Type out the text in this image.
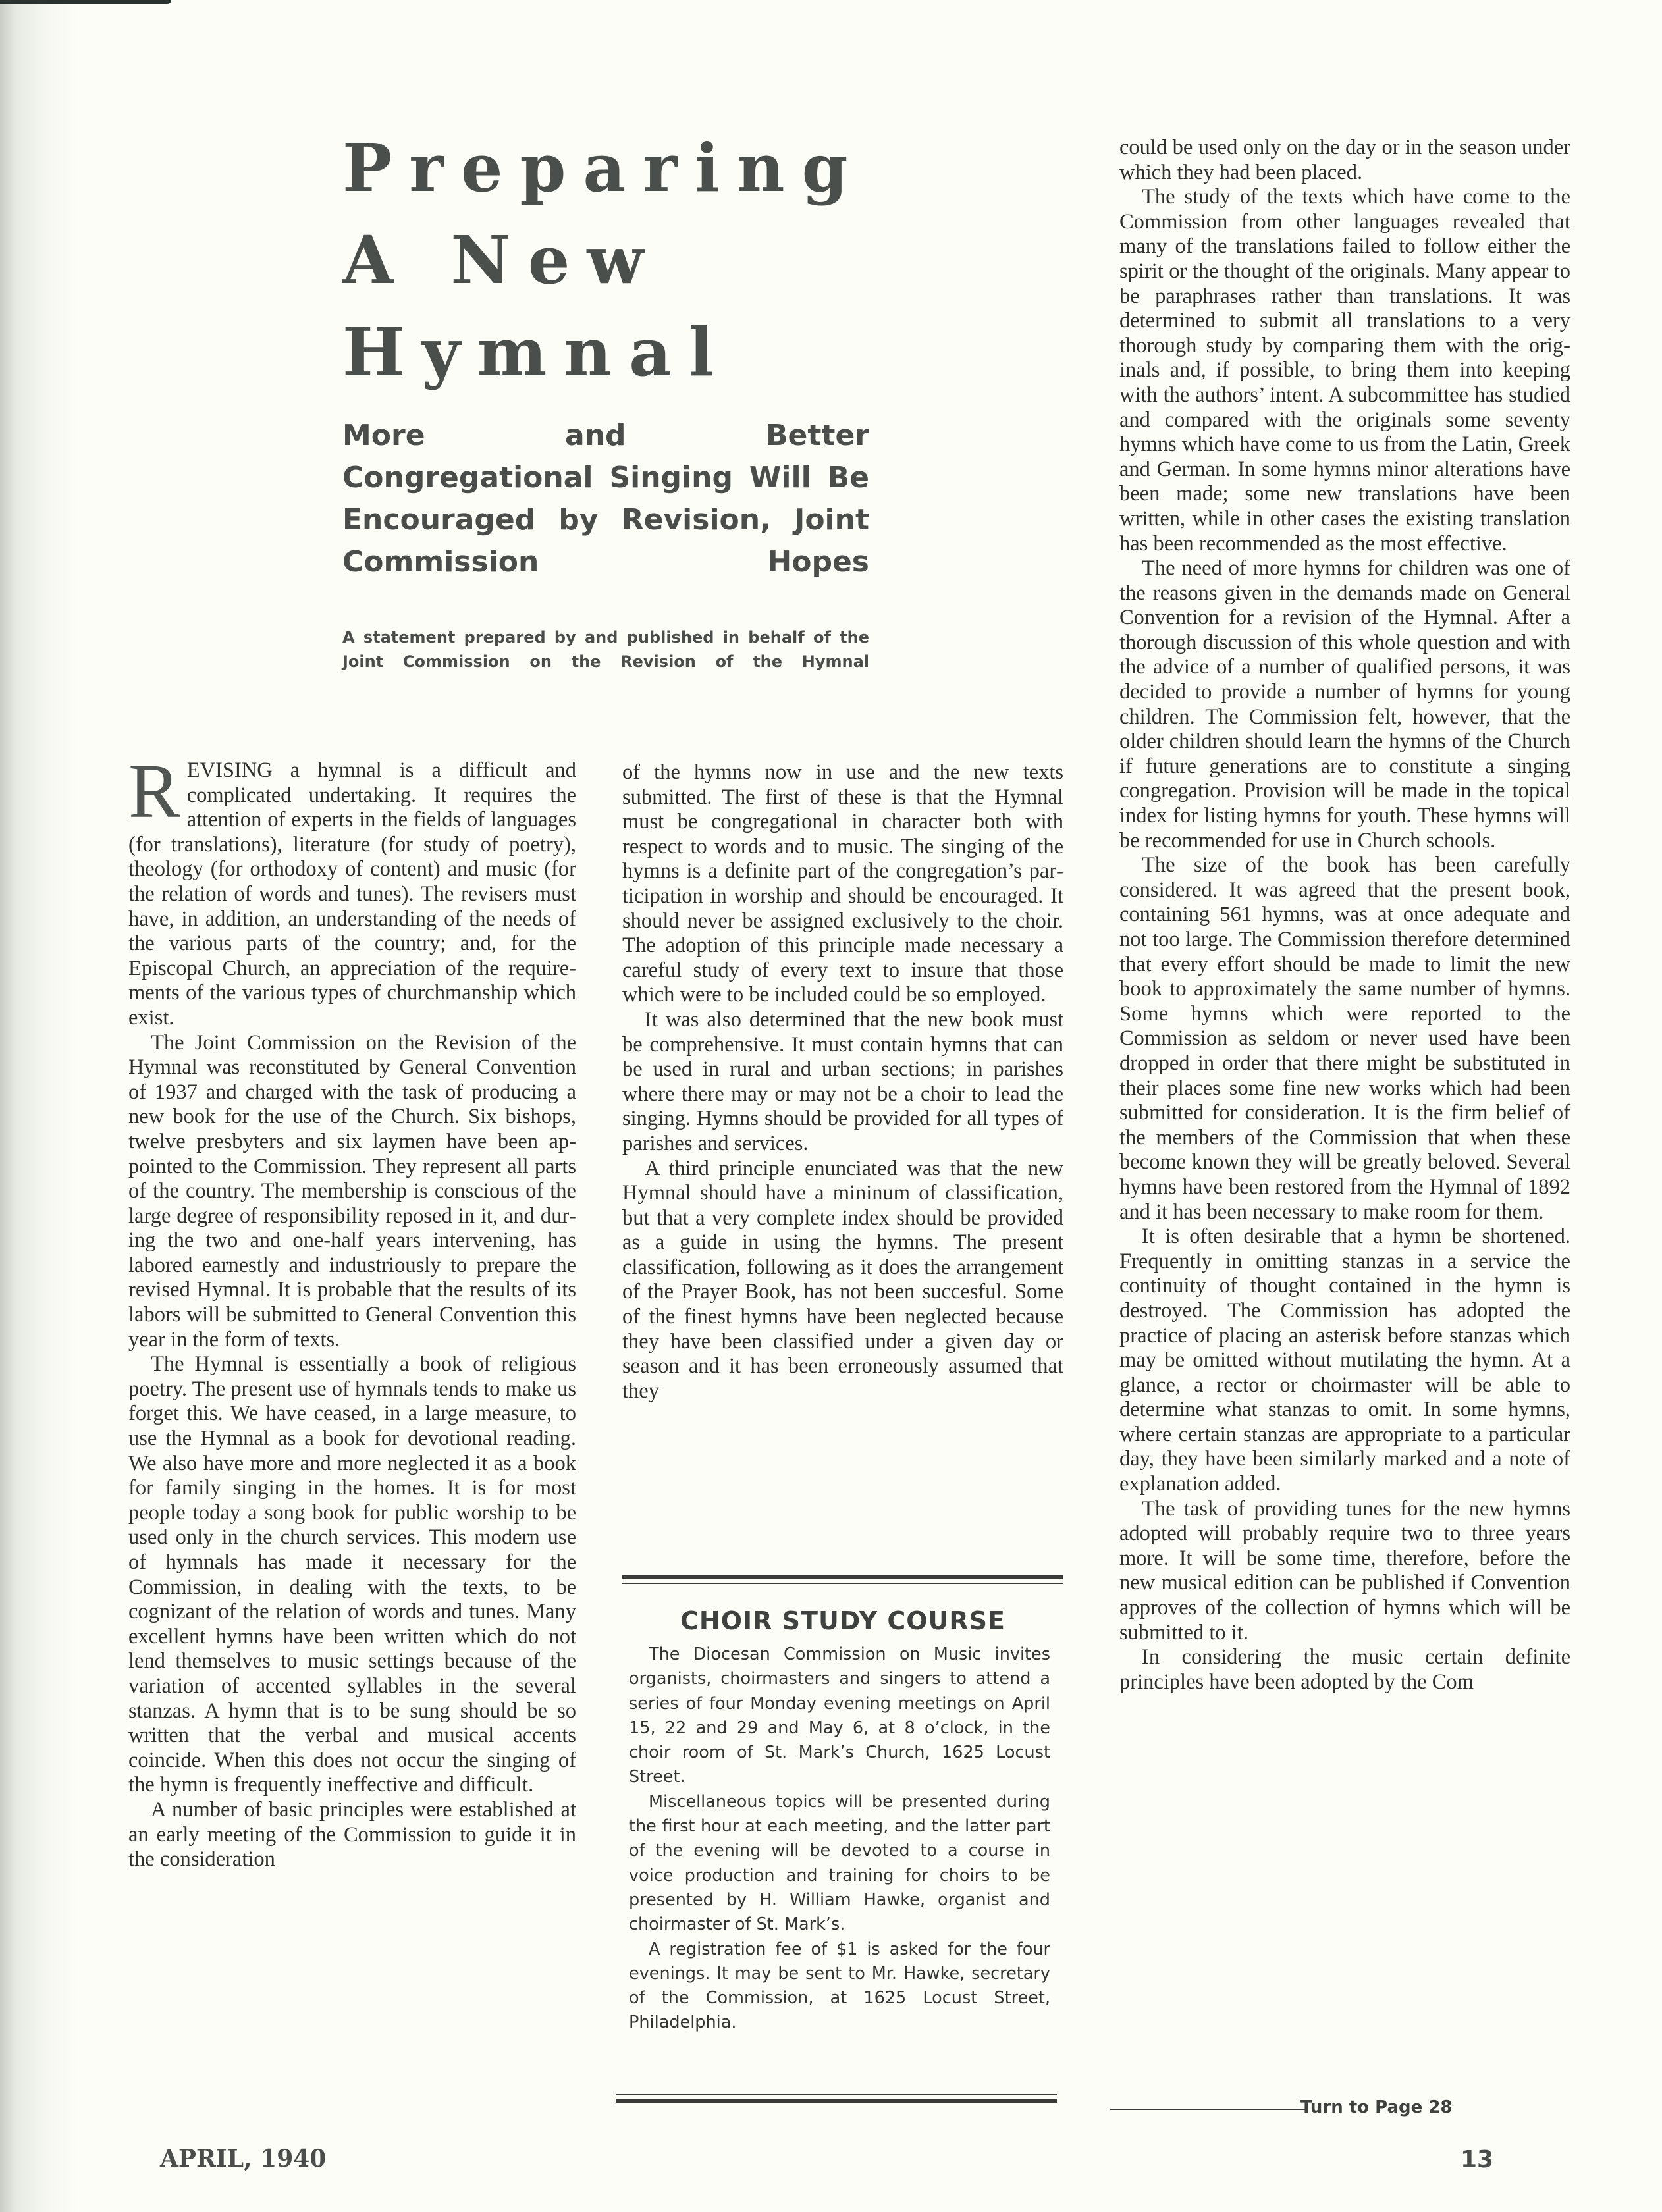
Preparing
A New
Hymnal
More and Better Congregational Singing Will Be Encouraged by Revision, Joint Commission Hopes
A statement prepared by and published in behalf of the Joint Commission on the Revision of the Hymnal

REVISING a hymnal is a difficult and complicated undertaking. It requires the attention of experts in the fields of languages (for translations), literature (for study of poetry), theology (for orthodoxy of content) and music (for the relation of words and tunes). The revisers must have, in addition, an understanding of the needs of the various parts of the country; and, for the Episcopal Church, an appreciation of the requirements of the various types of churchmanship which exist.

The Joint Commission on the Revision of the Hymnal was reconstituted by General Convention of 1937 and charged with the task of producing a new book for the use of the Church. Six bishops, twelve presbyters and six laymen have been appointed to the Commission. They represent all parts of the country. The membership is conscious of the large degree of responsibility reposed in it, and during the two and one-half years intervening, has labored earnestly and industriously to prepare the revised Hymnal. It is probable that the results of its labors will be submitted to General Convention this year in the form of texts.

The Hymnal is essentially a book of religious poetry. The present use of hymnals tends to make us forget this. We have ceased, in a large measure, to use the Hymnal as a book for devotional reading. We also have more and more neglected it as a book for family singing in the homes. It is for most people today a song book for public worship to be used only in the church services. This modern use of hymnals has made it necessary for the Commission, in dealing with the texts, to be cognizant of the relation of words and tunes. Many excellent hymns have been written which do not lend themselves to music settings because of the variation of accented syllables in the several stanzas. A hymn that is to be sung should be so written that the verbal and musical accents coincide. When this does not occur the singing of the hymn is frequently ineffective and difficult.

A number of basic principles were established at an early meeting of the Commission to guide it in the consideration

of the hymns now in use and the new texts submitted. The first of these is that the Hymnal must be congregational in character both with respect to words and to music. The singing of the hymns is a definite part of the congregation’s participation in worship and should be encouraged. It should never be assigned exclusively to the choir. The adoption of this principle made necessary a careful study of every text to insure that those which were to be included could be so employed.

It was also determined that the new book must be comprehensive. It must contain hymns that can be used in rural and urban sections; in parishes where there may or may not be a choir to lead the singing. Hymns should be provided for all types of parishes and services.

A third principle enunciated was that the new Hymnal should have a mininum of classification, but that a very complete index should be provided as a guide in using the hymns. The present classification, following as it does the arrangement of the Prayer Book, has not been succesful. Some of the finest hymns have been neglected because they have been classified under a given day or season and it has been erroneously assumed that they

CHOIR STUDY COURSE

The Diocesan Commission on Music invites organists, choirmasters and singers to attend a series of four Monday evening meetings on April 15, 22 and 29 and May 6, at 8 o’clock, in the choir room of St. Mark’s Church, 1625 Locust Street.

Miscellaneous topics will be presented during the first hour at each meeting, and the latter part of the evening will be devoted to a course in voice production and training for choirs to be presented by H. William Hawke, organist and choirmaster of St. Mark’s.

A registration fee of $1 is asked for the four evenings. It may be sent to Mr. Hawke, secretary of the Commission, at 1625 Locust Street, Philadelphia.

could be used only on the day or in the season under which they had been placed.

The study of the texts which have come to the Commission from other languages revealed that many of the translations failed to follow either the spirit or the thought of the originals. Many appear to be paraphrases rather than translations. It was determined to submit all translations to a very thorough study by comparing them with the originals and, if possible, to bring them into keeping with the authors’ intent. A subcommittee has studied and compared with the originals some seventy hymns which have come to us from the Latin, Greek and German. In some hymns minor alterations have been made; some new translations have been written, while in other cases the existing translation has been recommended as the most effective.

The need of more hymns for children was one of the reasons given in the demands made on General Convention for a revision of the Hymnal. After a thorough discussion of this whole question and with the advice of a number of qualified persons, it was decided to provide a number of hymns for young children. The Commission felt, however, that the older children should learn the hymns of the Church if future generations are to constitute a singing congregation. Provision will be made in the topical index for listing hymns for youth. These hymns will be recommended for use in Church schools.

The size of the book has been carefully considered. It was agreed that the present book, containing 561 hymns, was at once adequate and not too large. The Commission therefore determined that every effort should be made to limit the new book to approximately the same number of hymns. Some hymns which were reported to the Commission as seldom or never used have been dropped in order that there might be substituted in their places some fine new works which had been submitted for consideration. It is the firm belief of the members of the Commission that when these become known they will be greatly beloved. Several hymns have been restored from the Hymnal of 1892 and it has been necessary to make room for them.

It is often desirable that a hymn be shortened. Frequently in omitting stanzas in a service the continuity of thought contained in the hymn is destroyed. The Commission has adopted the practice of placing an asterisk before stanzas which may be omitted without mutilating the hymn. At a glance, a rector or choirmaster will be able to determine what stanzas to omit. In some hymns, where certain stanzas are appropriate to a particular day, they have been similarly marked and a note of explanation added.

The task of providing tunes for the new hymns adopted will probably require two to three years more. It will be some time, therefore, before the new musical edition can be published if Convention approves of the collection of hymns which will be submitted to it.

In considering the music certain definite principles have been adopted by the Com

Turn to Page 28
APRIL, 1940	13
